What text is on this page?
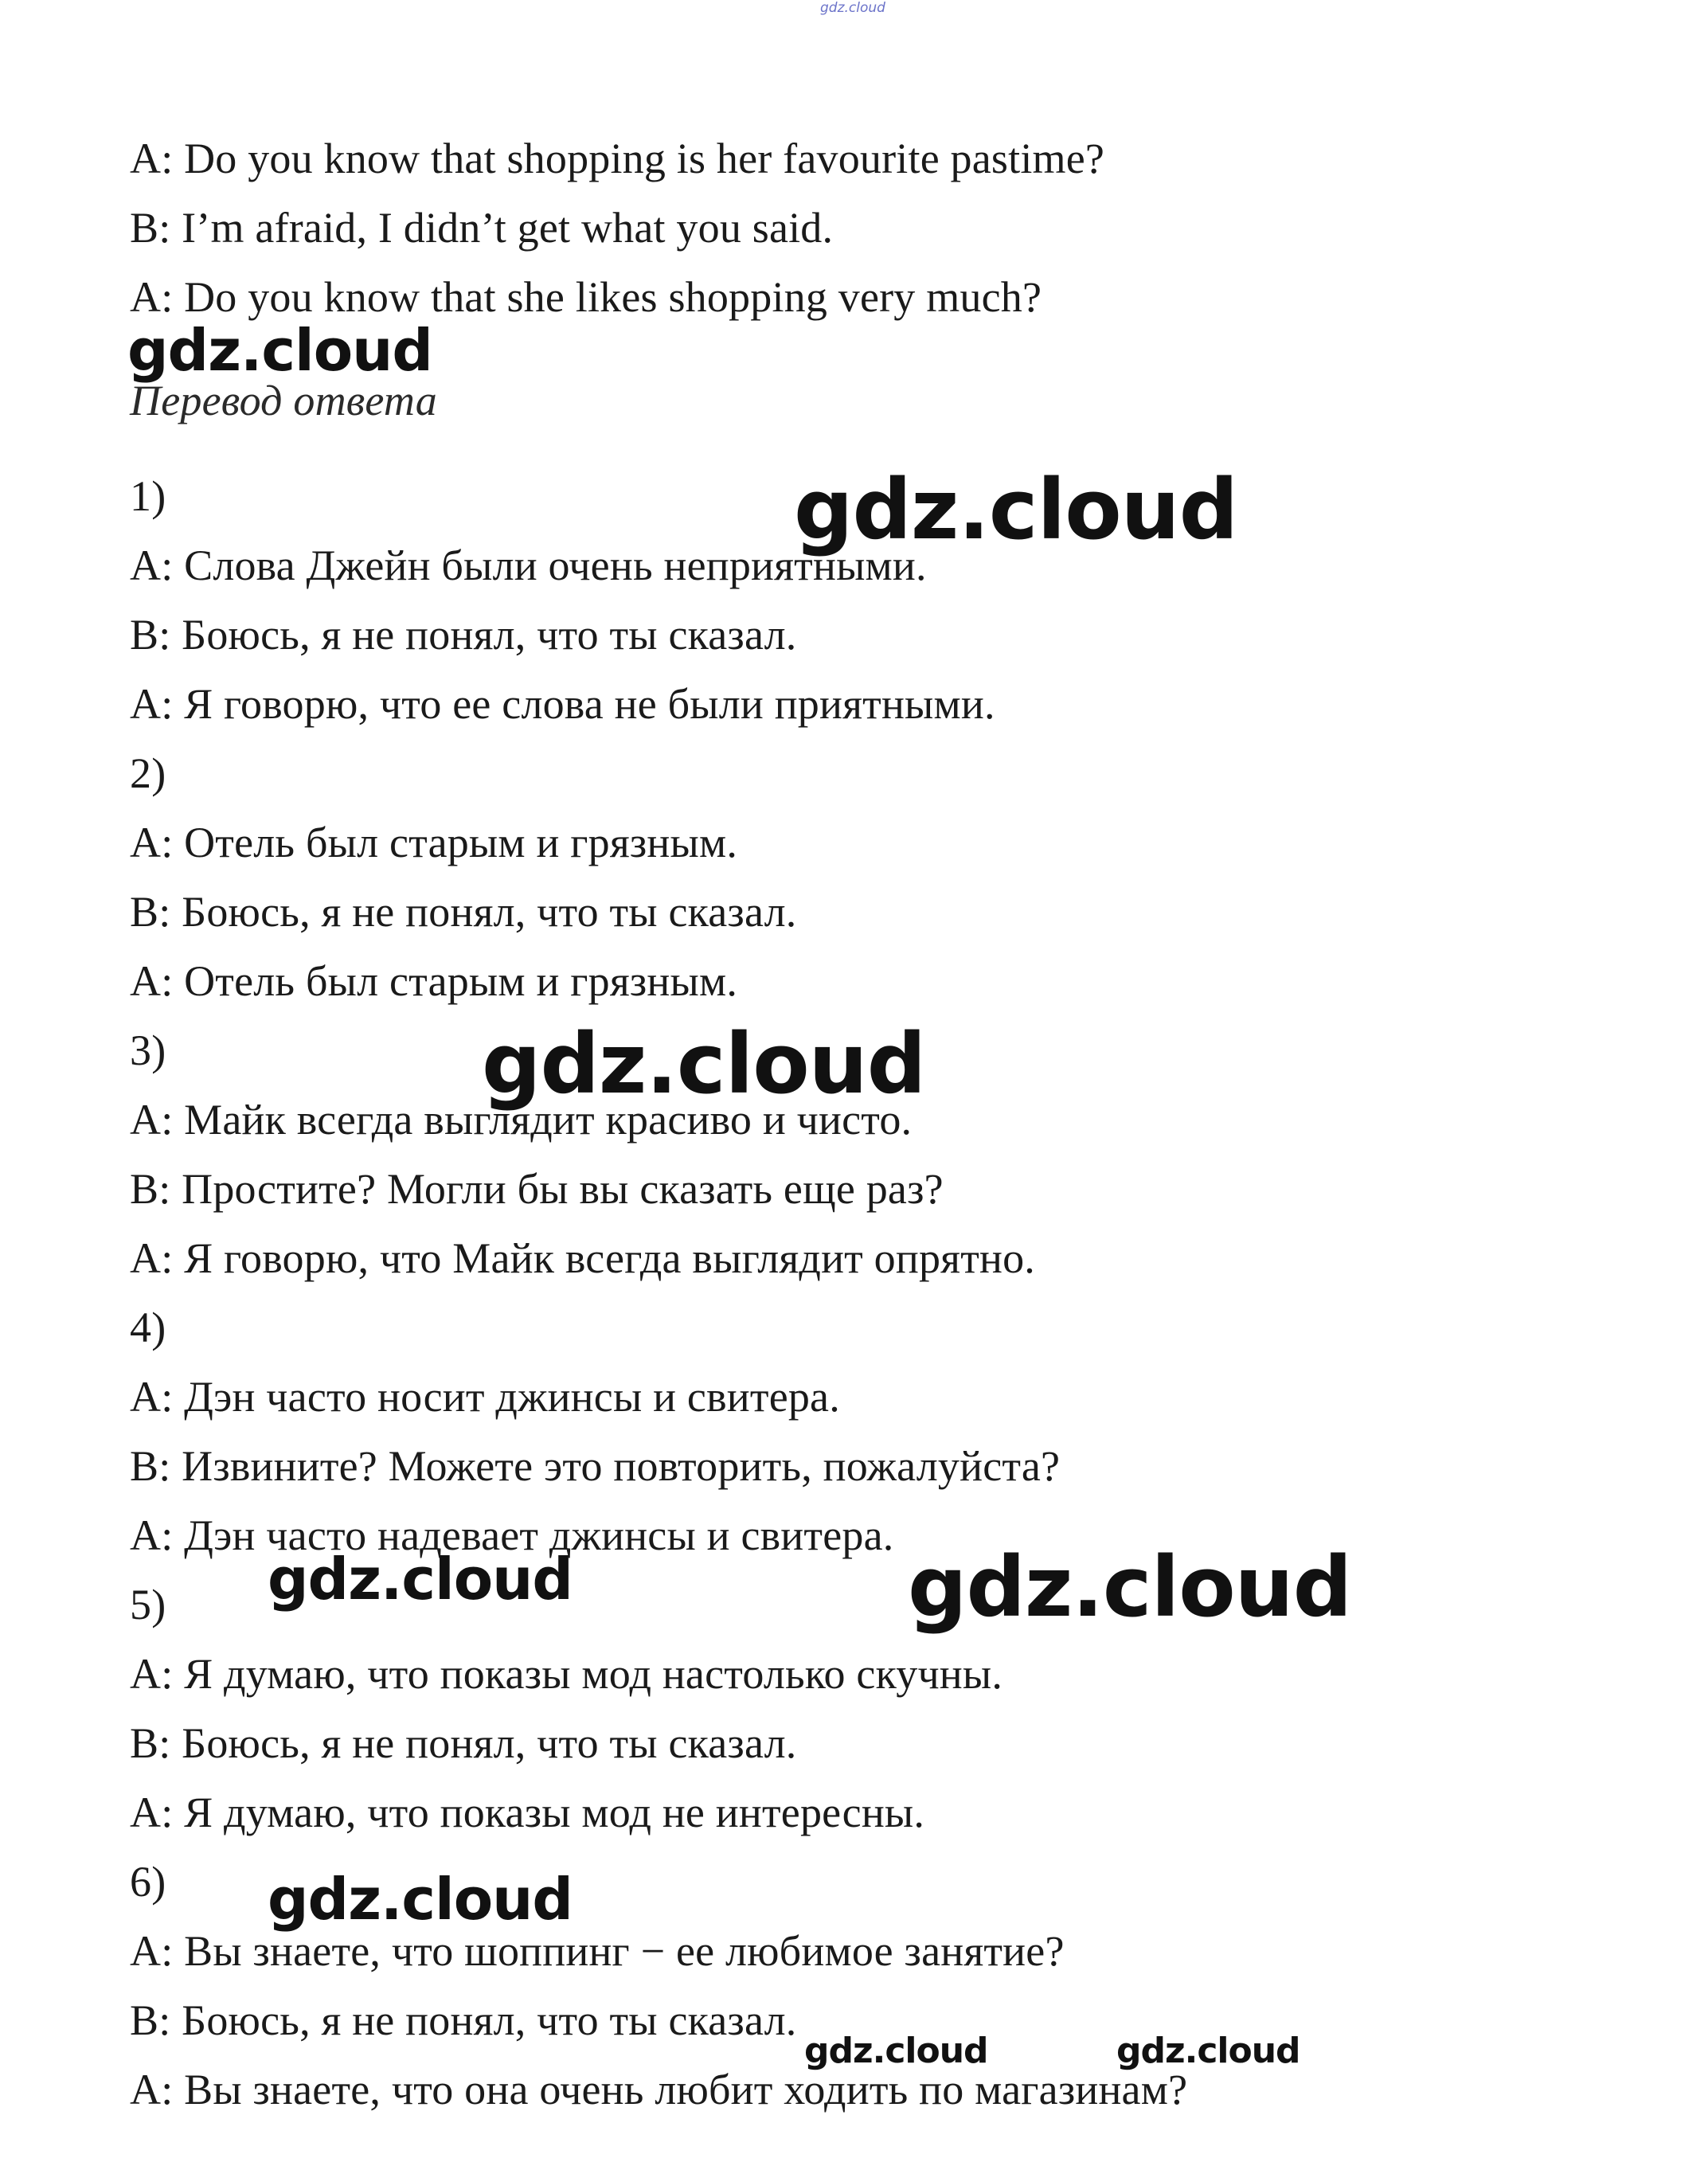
gdz.cloud
A: Do you know that shopping is her favourite pastime?
B: I’m afraid, I didn’t get what you said.
A: Do you know that she likes shopping very much?
gdz.cloud
Перевод ответа
1)	gdz.cloud
A: Слова Джейн были очень неприятными.
B: Боюсь, я не понял, что ты сказал.
A: Я говорю, что ее слова не были приятными.
2)
A: Отель был старым и грязным.
B: Боюсь, я не понял, что ты сказал.
A: Отель был старым и грязным.
3)	gdz.cloud
A: Майк всегда выглядит красиво и чисто.
B: Простите? Могли бы вы сказать еще раз?
A: Я говорю, что Майк всегда выглядит опрятно.
4)
A: Дэн часто носит джинсы и свитера.
B: Извините? Можете это повторить, пожалуйста?
A: Дэн часто надевает джинсы и свитера.
gdz.cloud	gdz.cloud
5)
A: Я думаю, что показы мод настолько скучны.
B: Боюсь, я не понял, что ты сказал.
A: Я думаю, что показы мод не интересны.
6) gdz.cloud
A: Вы знаете, что шоппинг − ее любимое занятие?
B: Боюсь, я не понял, что ты сказал.
gdz.cloud	gdz.cloud
A: Вы знаете, что она очень любит ходить по магазинам?
